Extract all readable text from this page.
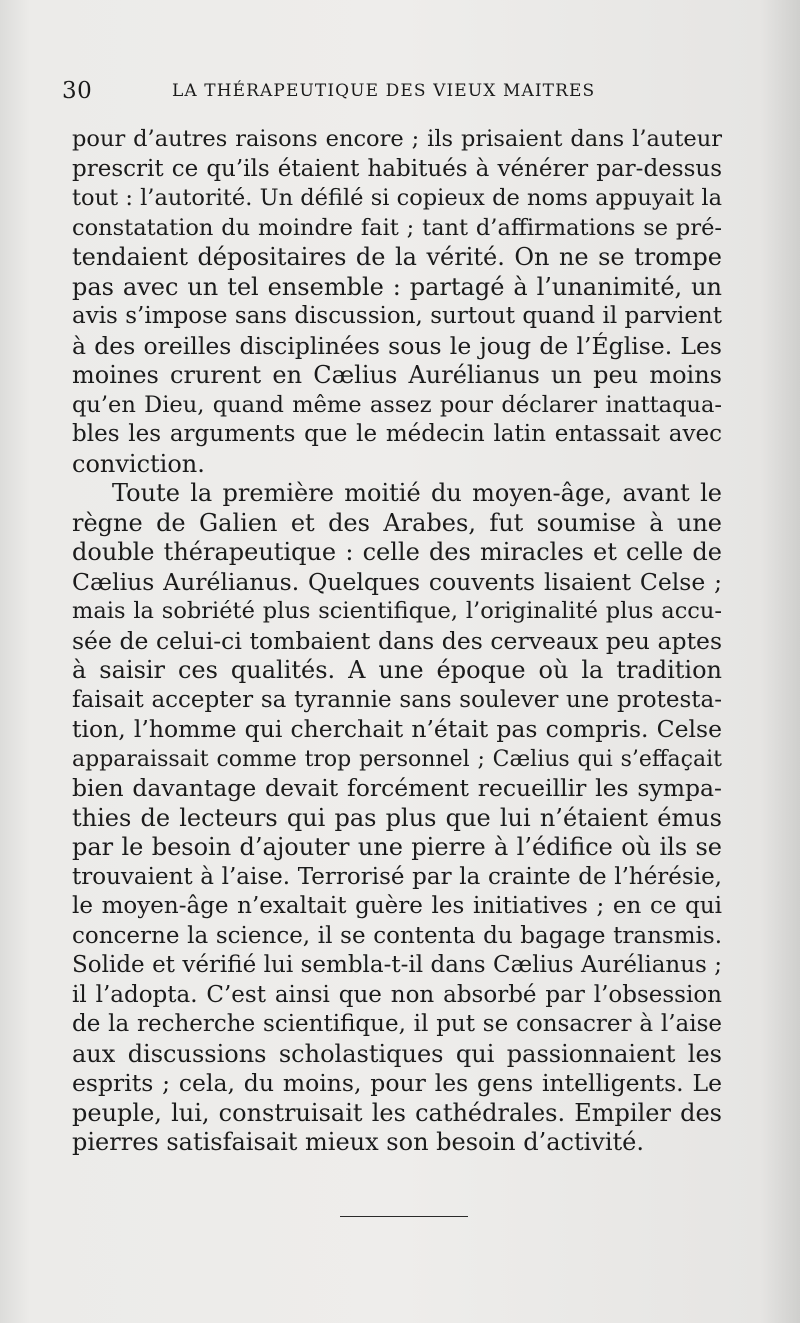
30	LA THÉRAPEUTIQUE DES VIEUX MAITRES
pour d’autres raisons encore ; ils prisaient dans l’auteur
prescrit ce qu’ils étaient habitués à vénérer par-dessus
tout : l’autorité. Un défilé si copieux de noms appuyait la
constatation du moindre fait ; tant d’affirmations se pré-
tendaient dépositaires de la vérité. On ne se trompe
pas avec un tel ensemble : partagé à l’unanimité, un
avis s’impose sans discussion, surtout quand il parvient
à des oreilles disciplinées sous le joug de l’Église. Les
moines crurent en Cælius Aurélianus un peu moins
qu’en Dieu, quand même assez pour déclarer inattaqua-
bles les arguments que le médecin latin entassait avec
conviction.
Toute la première moitié du moyen-âge, avant le
règne de Galien et des Arabes, fut soumise à une
double thérapeutique : celle des miracles et celle de
Cælius Aurélianus. Quelques couvents lisaient Celse ;
mais la sobriété plus scientifique, l’originalité plus accu-
sée de celui-ci tombaient dans des cerveaux peu aptes
à saisir ces qualités. A une époque où la tradition
faisait accepter sa tyrannie sans soulever une protesta-
tion, l’homme qui cherchait n’était pas compris. Celse
apparaissait comme trop personnel ; Cælius qui s’effaçait
bien davantage devait forcément recueillir les sympa-
thies de lecteurs qui pas plus que lui n’étaient émus
par le besoin d’ajouter une pierre à l’édifice où ils se
trouvaient à l’aise. Terrorisé par la crainte de l’hérésie,
le moyen-âge n’exaltait guère les initiatives ; en ce qui
concerne la science, il se contenta du bagage transmis.
Solide et vérifié lui sembla-t-il dans Cælius Aurélianus ;
il l’adopta. C’est ainsi que non absorbé par l’obsession
de la recherche scientifique, il put se consacrer à l’aise
aux discussions scholastiques qui passionnaient les
esprits ; cela, du moins, pour les gens intelligents. Le
peuple, lui, construisait les cathédrales. Empiler des
pierres satisfaisait mieux son besoin d’activité.
